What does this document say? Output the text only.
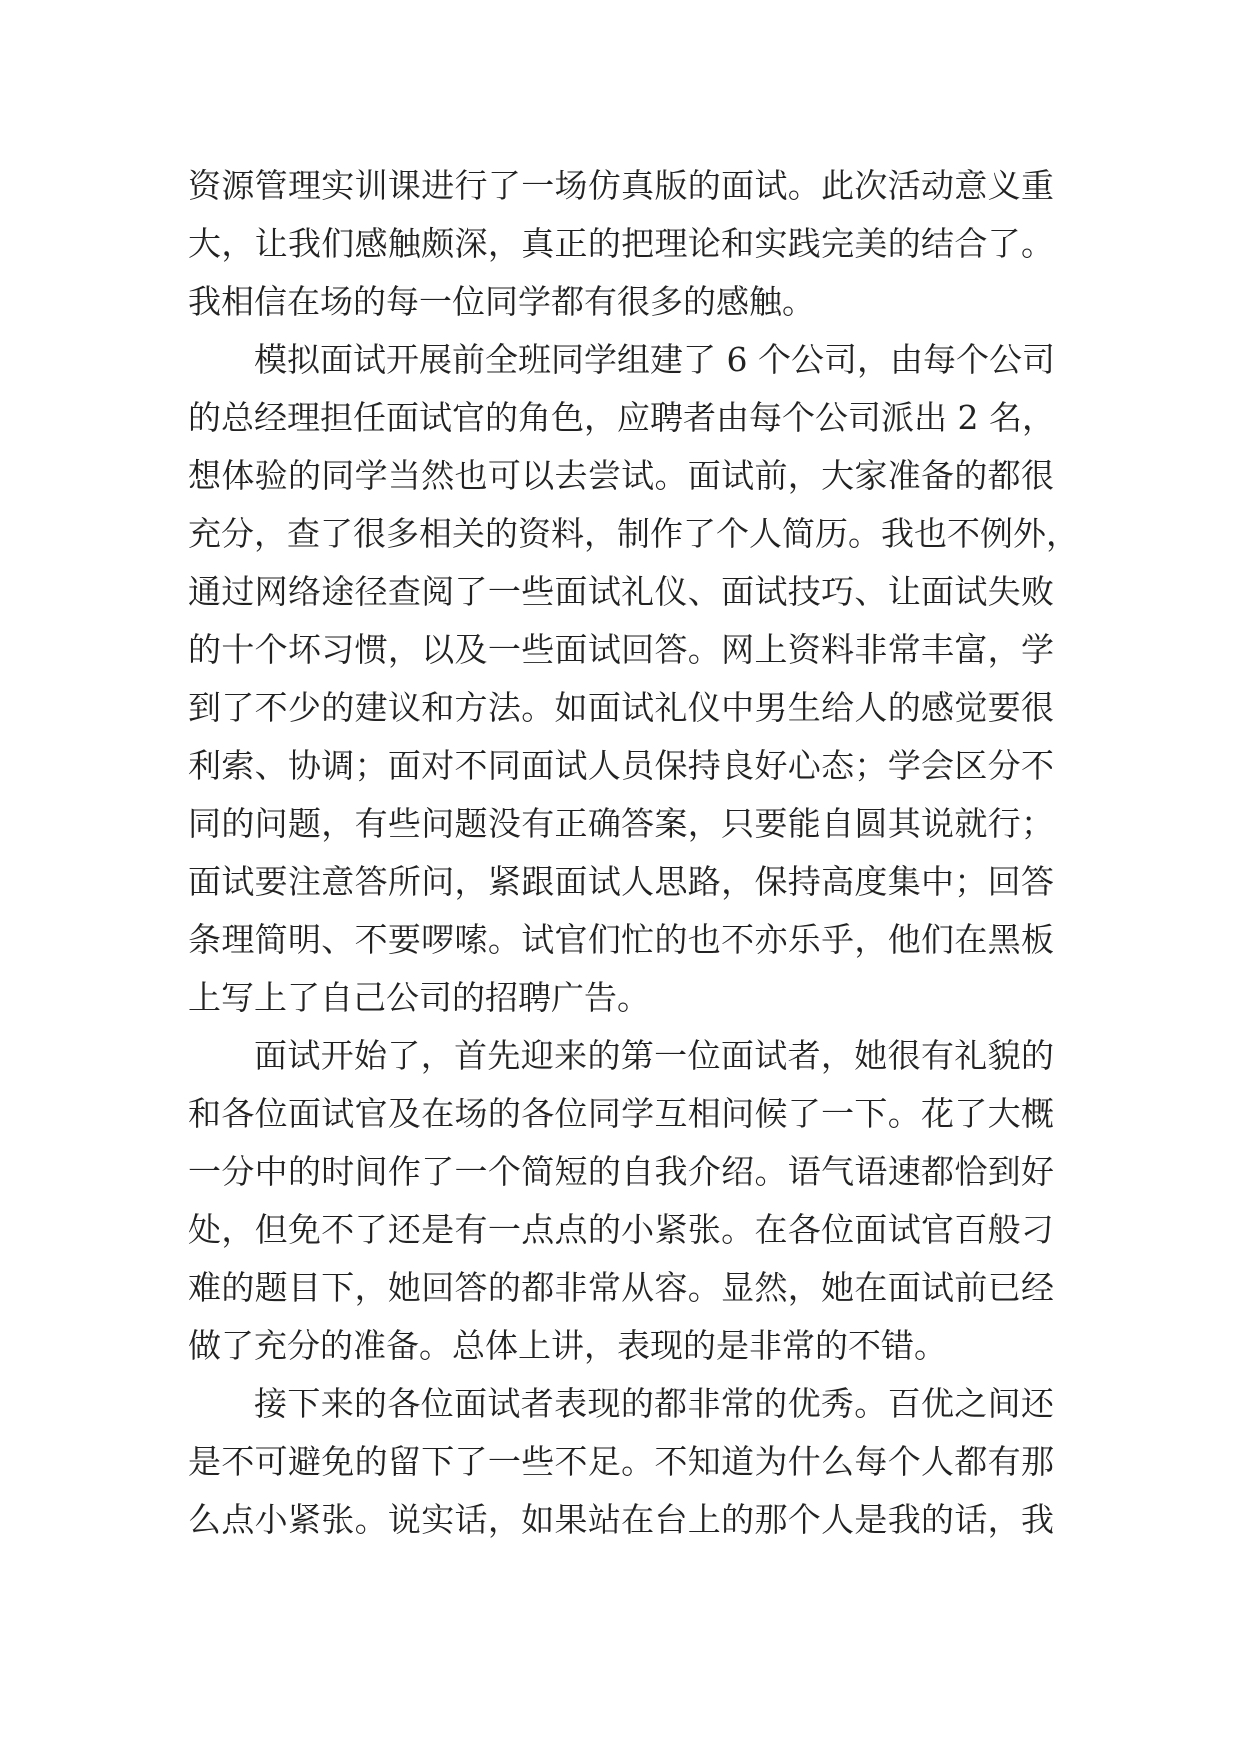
资源管理实训课进行了一场仿真版的面试。此次活动意义重
大，让我们感触颇深，真正的把理论和实践完美的结合了。
我相信在场的每一位同学都有很多的感触。
模拟面试开展前全班同学组建了 6 个公司，由每个公司
的总经理担任面试官的角色，应聘者由每个公司派出 2 名，
想体验的同学当然也可以去尝试。面试前，大家准备的都很
充分，查了很多相关的资料，制作了个人简历。我也不例外，
通过网络途径查阅了一些面试礼仪、面试技巧、让面试失败
的十个坏习惯，以及一些面试回答。网上资料非常丰富，学
到了不少的建议和方法。如面试礼仪中男生给人的感觉要很
利索、协调；面对不同面试人员保持良好心态；学会区分不
同的问题，有些问题没有正确答案，只要能自圆其说就行；
面试要注意答所问，紧跟面试人思路，保持高度集中；回答
条理简明、不要啰嗦。试官们忙的也不亦乐乎，他们在黑板
上写上了自己公司的招聘广告。
面试开始了，首先迎来的第一位面试者，她很有礼貌的
和各位面试官及在场的各位同学互相问候了一下。花了大概
一分中的时间作了一个简短的自我介绍。语气语速都恰到好
处，但免不了还是有一点点的小紧张。在各位面试官百般刁
难的题目下，她回答的都非常从容。显然，她在面试前已经
做了充分的准备。总体上讲，表现的是非常的不错。
接下来的各位面试者表现的都非常的优秀。百优之间还
是不可避免的留下了一些不足。不知道为什么每个人都有那
么点小紧张。说实话，如果站在台上的那个人是我的话，我
